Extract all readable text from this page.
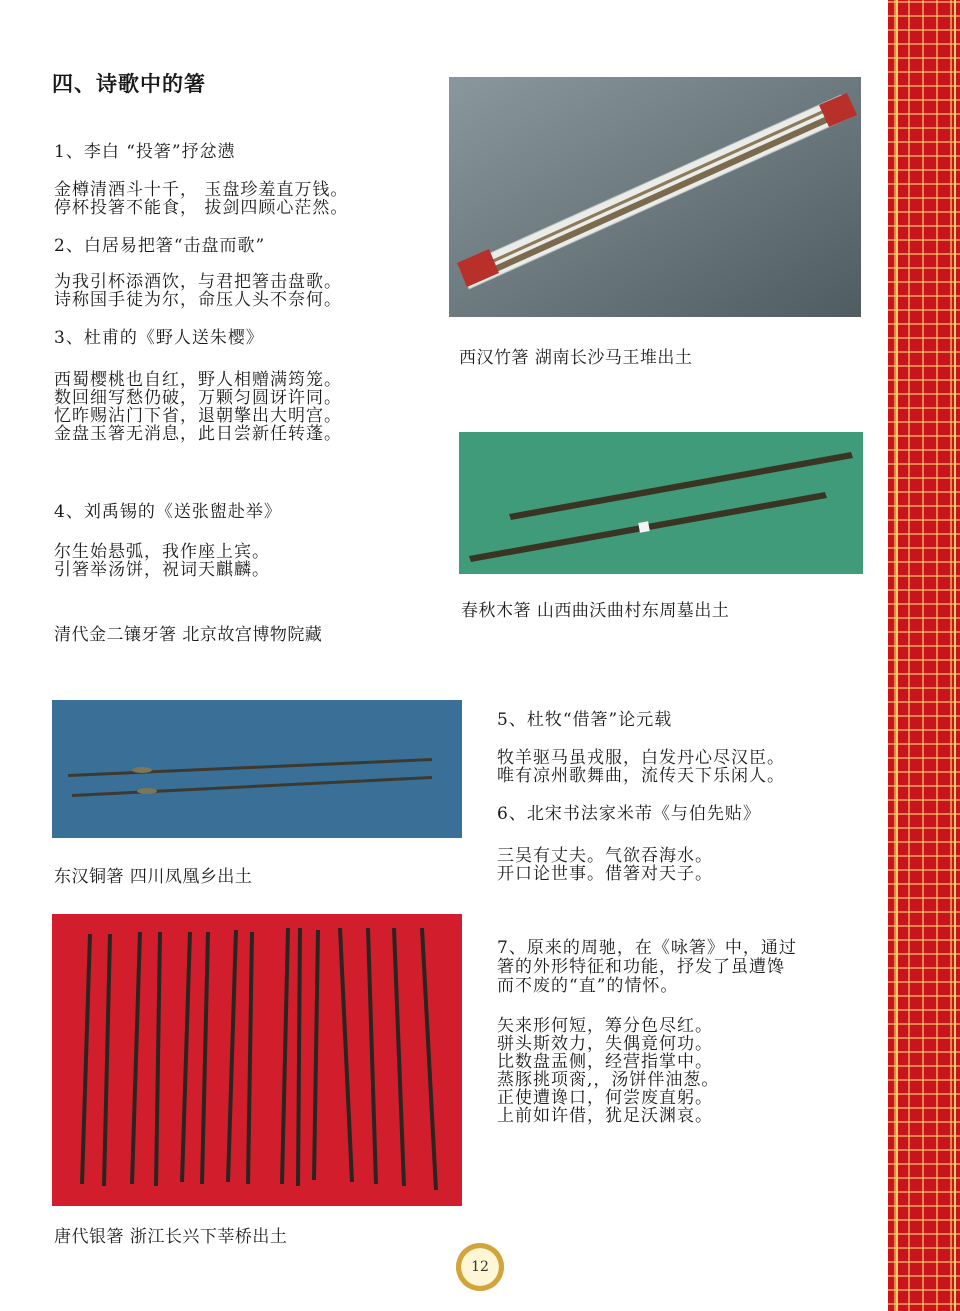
四、诗歌中的箸
1、李白 “投箸”抒忿懑
金樽清酒斗十千， 玉盘珍羞直万钱。
停杯投箸不能食， 拔剑四顾心茫然。
2、白居易把箸“击盘而歌”
为我引杯添酒饮，与君把箸击盘歌。
诗称国手徒为尔，命压人头不奈何。
3、杜甫的《野人送朱樱》
西蜀樱桃也自红，野人相赠满筠笼。
数回细写愁仍破，万颗匀圆讶许同。
忆昨赐沾门下省，退朝擎出大明宫。
金盘玉箸无消息，此日尝新任转蓬。
4、刘禹锡的《送张盥赴举》
尔生始悬弧，我作座上宾。
引箸举汤饼，祝词天麒麟。
清代金二镶牙箸 北京故宫博物院藏
西汉竹箸 湖南长沙马王堆出土
春秋木箸 山西曲沃曲村东周墓出土
东汉铜箸 四川凤凰乡出土
唐代银箸 浙江长兴下莘桥出土
5、杜牧“借箸”论元载
牧羊驱马虽戎服，白发丹心尽汉臣。
唯有凉州歌舞曲，流传天下乐闲人。
6、北宋书法家米芾《与伯先贴》
三吴有丈夫。气欲吞海水。
开口论世事。借箸对天子。
7、原来的周驰，在《咏箸》中，通过
箸的外形特征和功能，抒发了虽遭馋
而不废的“直”的情怀。
矢来形何短，筹分色尽红。
骈头斯效力，失偶竟何功。
比数盘盂侧，经营指掌中。
蒸豚挑项脔,，汤饼伴油葱。
正使遭谗口，何尝废直躬。
上前如许借，犹足沃渊哀。
12
